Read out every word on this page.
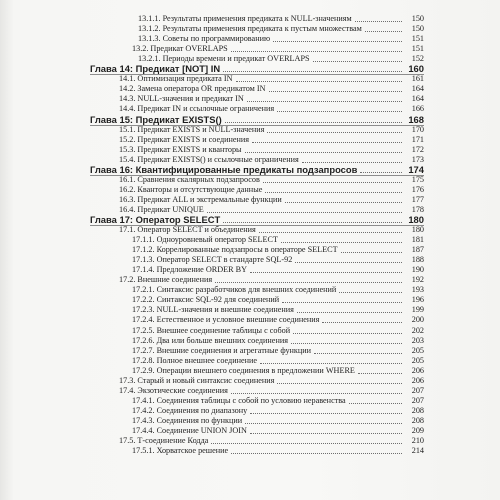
13.1.1. Результаты применения предиката к NULL-значениям	150
13.1.2. Результаты применения предиката к пустым множествам	150
13.1.3. Советы по программированию	151
13.2. Предикат OVERLAPS	151
13.2.1. Периоды времени и предикат OVERLAPS	152
Глава 14: Предикат [NOT] IN	160
14.1. Оптимизация предиката IN	161
14.2. Замена оператора OR предикатом IN	164
14.3. NULL-значения и предикат IN	164
14.4. Предикат IN и ссылочные ограничения	166
Глава 15: Предикат EXISTS()	168
15.1. Предикат EXISTS и NULL-значения	170
15.2. Предикат EXISTS и соединения	171
15.3. Предикат EXISTS и кванторы	172
15.4. Предикат EXISTS() и ссылочные ограничения	173
Глава 16: Квантифицированные предикаты подзапросов	174
16.1. Сравнения скалярных подзапросов	175
16.2. Кванторы и отсутствующие данные	176
16.3. Предикат ALL и экстремальные функции	177
16.4. Предикат UNIQUE	178
Глава 17: Оператор SELECT	180
17.1. Оператор SELECT и объединения	180
17.1.1. Одноуровневый оператор SELECT	181
17.1.2. Коррелированные подзапросы в операторе SELECT	187
17.1.3. Оператор SELECT в стандарте SQL-92	188
17.1.4. Предложение ORDER BY	190
17.2. Внешние соединения	192
17.2.1. Синтаксис разработчиков для внешних соединений	193
17.2.2. Синтаксис SQL-92 для соединений	196
17.2.3. NULL-значения и внешние соединения	199
17.2.4. Естественное и условное внешние соединения	200
17.2.5. Внешнее соединение таблицы с собой	202
17.2.6. Два или больше внешних соединения	203
17.2.7. Внешние соединения и агрегатные функции	205
17.2.8. Полное внешнее соединение	205
17.2.9. Операции внешнего соединения в предложении WHERE	206
17.3. Старый и новый синтаксис соединения	206
17.4. Экзотические соединения	207
17.4.1. Соединения таблицы с собой по условию неравенства	207
17.4.2. Соединения по диапазону	208
17.4.3. Соединения по функции	208
17.4.4. Соединение UNION JOIN	209
17.5. Т-соединение Кодда	210
17.5.1. Хорватское решение	214
